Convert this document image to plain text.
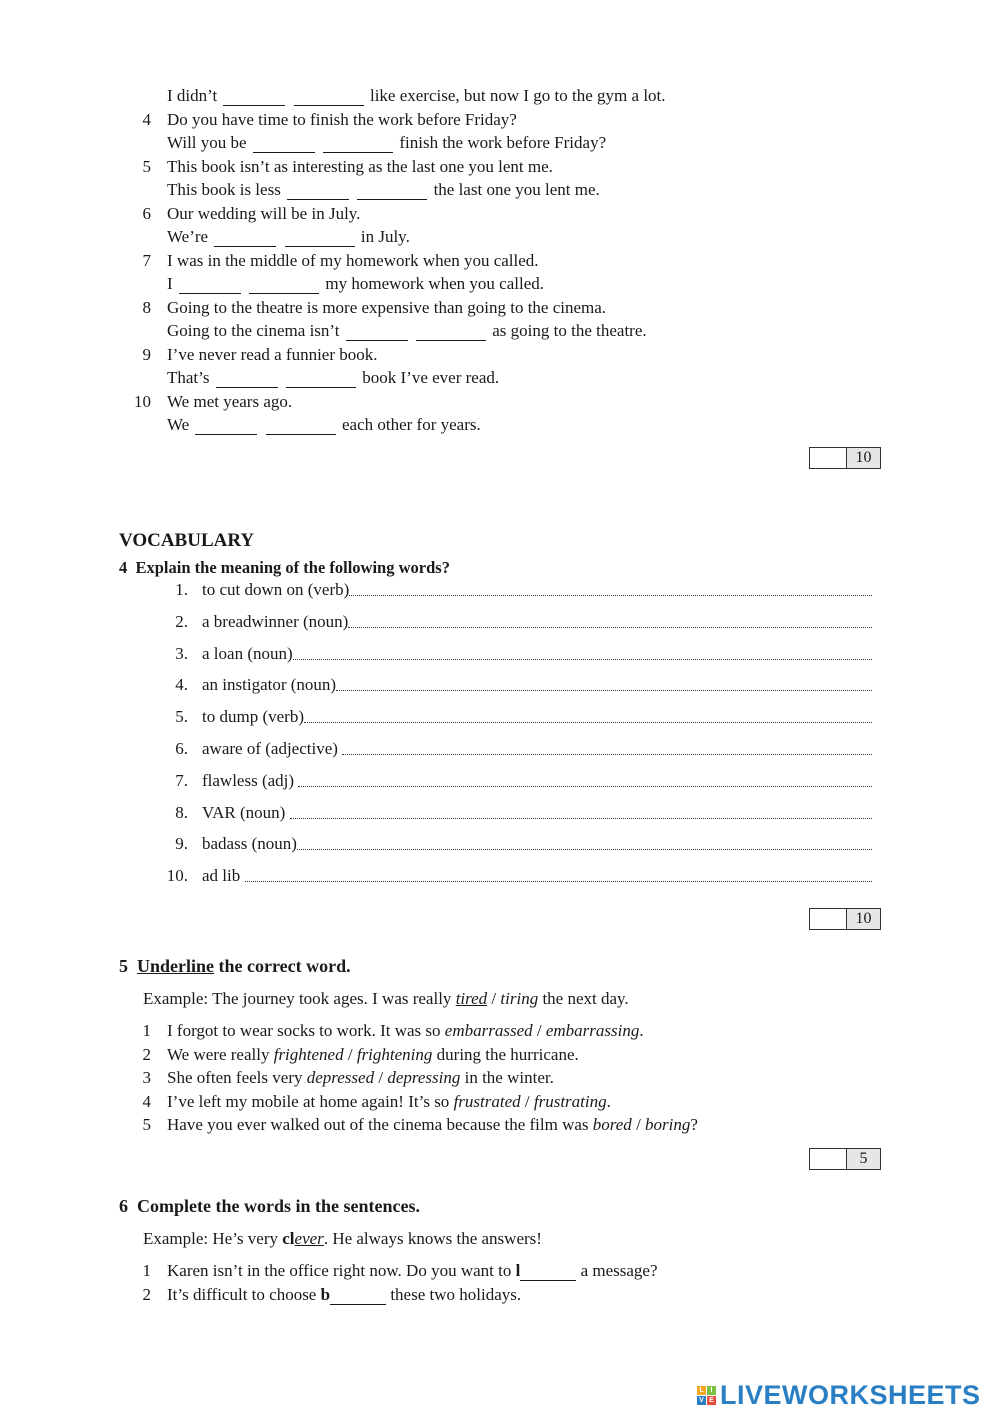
I didn’t	like exercise, but now I go to the gym a lot.
4 Do you have time to finish the work before Friday?
Will you be	finish the work before Friday?
5 This book isn’t as interesting as the last one you lent me.
This book is less	the last one you lent me.
6 Our wedding will be in July.
We’re	in July.
7 I was in the middle of my homework when you called.
I	my homework when you called.
8 Going to the theatre is more expensive than going to the cinema.
Going to the cinema isn’t	as going to the theatre.
9 I’ve never read a funnier book.
That’s	book I’ve ever read.
10 We met years ago.
We	each other for years.
10
VOCABULARY
4 Explain the meaning of the following words?
1. to cut down on (verb)
2. a breadwinner (noun)
3. a loan (noun)
4. an instigator (noun)
5. to dump (verb)
6. aware of (adjective)
7. flawless (adj)
8. VAR (noun)
9. badass (noun)
10. ad lib
10
5 Underline the correct word.
Example: The journey took ages. I was really tired / tiring the next day.
1 I forgot to wear socks to work. It was so embarrassed / embarrassing.
2 We were really frightened / frightening during the hurricane.
3 She often feels very depressed / depressing in the winter.
4 I’ve left my mobile at home again! It’s so frustrated / frustrating.
5 Have you ever walked out of the cinema because the film was bored / boring?
5
6 Complete the words in the sentences.
Example: He’s very clever. He always knows the answers!
1 Karen isn’t in the office right now. Do you want to l	a message?
2 It’s difficult to choose b	these two holidays.
L I
V E LIVEWORKSHEETS
